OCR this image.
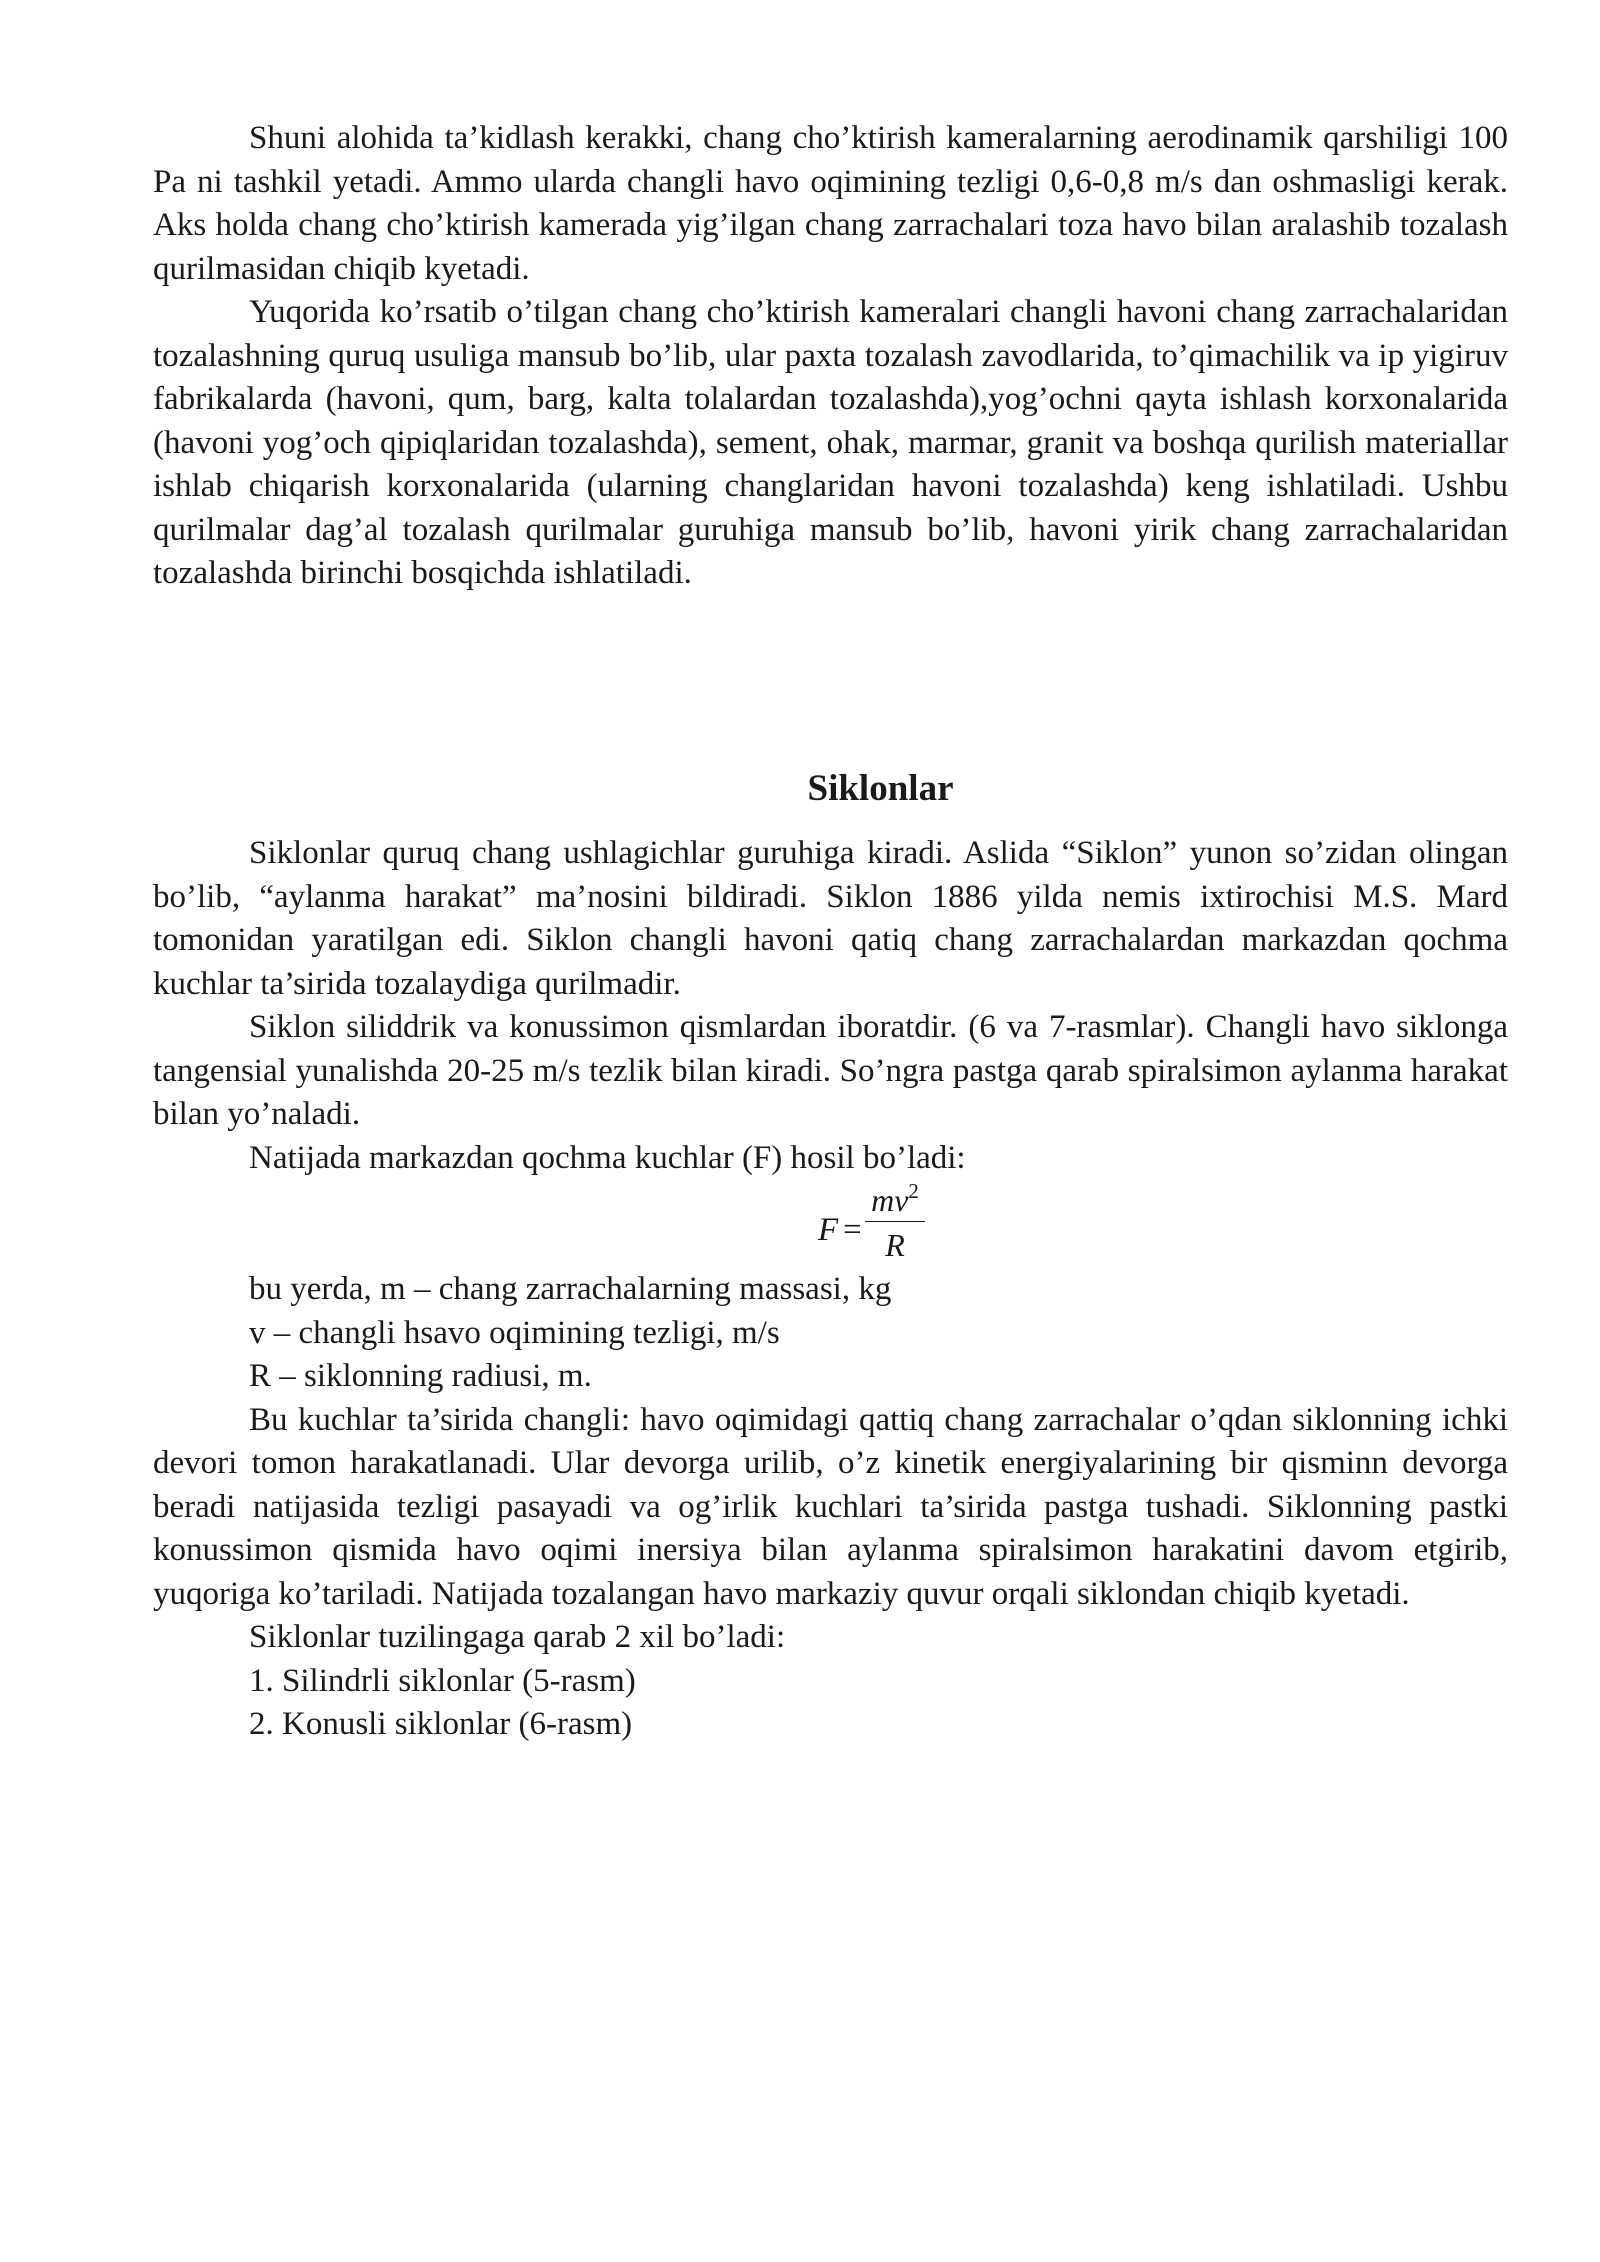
Shuni alohida ta’kidlash kerakki, chang cho’ktirish kameralarning aerodinamik qarshiligi 100 Pa ni tashkil yetadi. Ammo ularda changli havo oqimining tezligi 0,6-0,8 m/s dan oshmasligi kerak. Aks holda chang cho’ktirish kamerada yig’ilgan chang zarrachalari toza havo bilan aralashib tozalash qurilmasidan chiqib kyetadi.

Yuqorida ko’rsatib o’tilgan chang cho’ktirish kameralari changli havoni chang zarrachalaridan tozalashning quruq usuliga mansub bo’lib, ular paxta tozalash zavodlarida, to’qimachilik va ip yigiruv fabrikalarda (havoni, qum, barg, kalta tolalardan tozalashda),yog’ochni qayta ishlash korxonalarida (havoni yog’och qipiqlaridan tozalashda), sement, ohak, marmar, granit va boshqa qurilish materiallar ishlab chiqarish korxonalarida (ularning changlaridan havoni tozalashda) keng ishlatiladi. Ushbu qurilmalar dag’al tozalash qurilmalar guruhiga mansub bo’lib, havoni yirik chang zarrachalaridan tozalashda birinchi bosqichda ishlatiladi.

Siklonlar

Siklonlar quruq chang ushlagichlar guruhiga kiradi. Aslida “Siklon” yunon so’zidan olingan bo’lib, “aylanma harakat” ma’nosini bildiradi. Siklon 1886 yilda nemis ixtirochisi M.S. Mard tomonidan yaratilgan edi. Siklon changli havoni qatiq chang zarrachalardan markazdan qochma kuchlar ta’sirida tozalaydiga qurilmadir.

Siklon siliddrik va konussimon qismlardan iboratdir. (6 va 7-rasmlar). Changli havo siklonga tangensial yunalishda 20-25 m/s tezlik bilan kiradi. So’ngra pastga qarab spiralsimon aylanma harakat bilan yo’naladi.

Natijada markazdan qochma kuchlar (F) hosil bo’ladi:

F =
$mv^2$
R

bu yerda, m – chang zarrachalarning massasi, kg

v – changli hsavo oqimining tezligi, m/s

R – siklonning radiusi, m.

Bu kuchlar ta’sirida changli: havo oqimidagi qattiq chang zarrachalar o’qdan siklonning ichki devori tomon harakatlanadi. Ular devorga urilib, o’z kinetik energiyalarining bir qisminn devorga beradi natijasida tezligi pasayadi va og’irlik kuchlari ta’sirida pastga tushadi. Siklonning pastki konussimon qismida havo oqimi inersiya bilan aylanma spiralsimon harakatini davom etgirib, yuqoriga ko’tariladi. Natijada tozalangan havo markaziy quvur orqali siklondan chiqib kyetadi.

Siklonlar tuzilingaga qarab 2 xil bo’ladi:

1. Silindrli siklonlar (5-rasm)

2. Konusli siklonlar (6-rasm)
